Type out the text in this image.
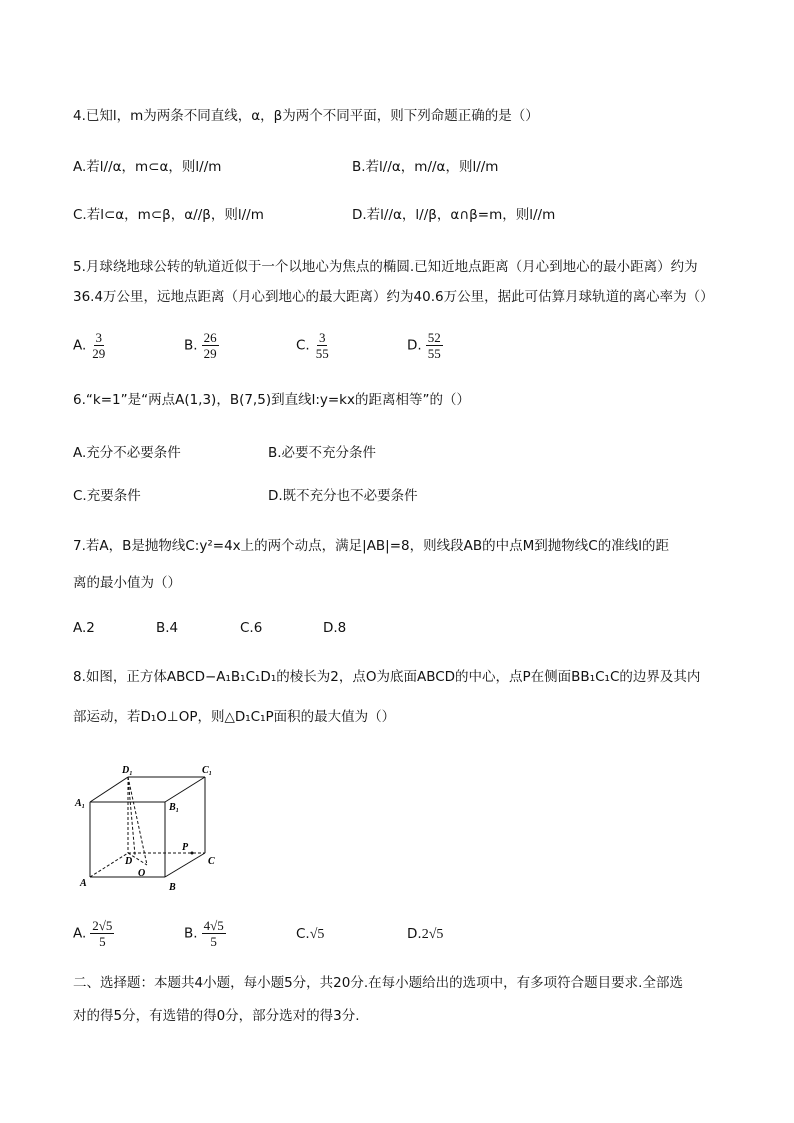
4.已知l，m为两条不同直线，α，β为两个不同平面，则下列命题正确的是（）
A.若l//α，m⊂α，则l//m	B.若l//α，m//α，则l//m
C.若l⊂α，m⊂β，α//β，则l//m	D.若l//α，l//β，α∩β=m，则l//m
5.月球绕地球公转的轨道近似于一个以地心为焦点的椭圆.已知近地点距离（月心到地心的最小距离）约为
36.4万公里，远地点距离（月心到地心的最大距离）约为40.6万公里，据此可估算月球轨道的离心率为（）
A. $\frac{3}{29}$	B. $\frac{26}{29}$	C. $\frac{3}{55}$	D. $\frac{52}{55}$
6.“k=1”是“两点A(1,3)，B(7,5)到直线l:y=kx的距离相等”的（）
A.充分不必要条件	B.必要不充分条件
C.充要条件	D.既不充分也不必要条件
7.若A，B是抛物线C:y²=4x上的两个动点，满足|AB|=8，则线段AB的中点M到抛物线C的准线l的距
离的最小值为（）
A.2	B.4	C.6	D.8
8.如图，正方体ABCD−A₁B₁C₁D₁的棱长为2，点O为底面ABCD的中心，点P在侧面BB₁C₁C的边界及其内
部运动，若D₁O⊥OP，则△D₁C₁P面积的最大值为（）
D₁	C₁
A₁	B₁
D	C
A	B
O
P
A. $\frac{2√5}{5}$	B. $\frac{4√5}{5}$	C.√5	D.2√5
二、选择题：本题共4小题，每小题5分，共20分.在每小题给出的选项中，有多项符合题目要求.全部选
对的得5分，有选错的得0分，部分选对的得3分.
